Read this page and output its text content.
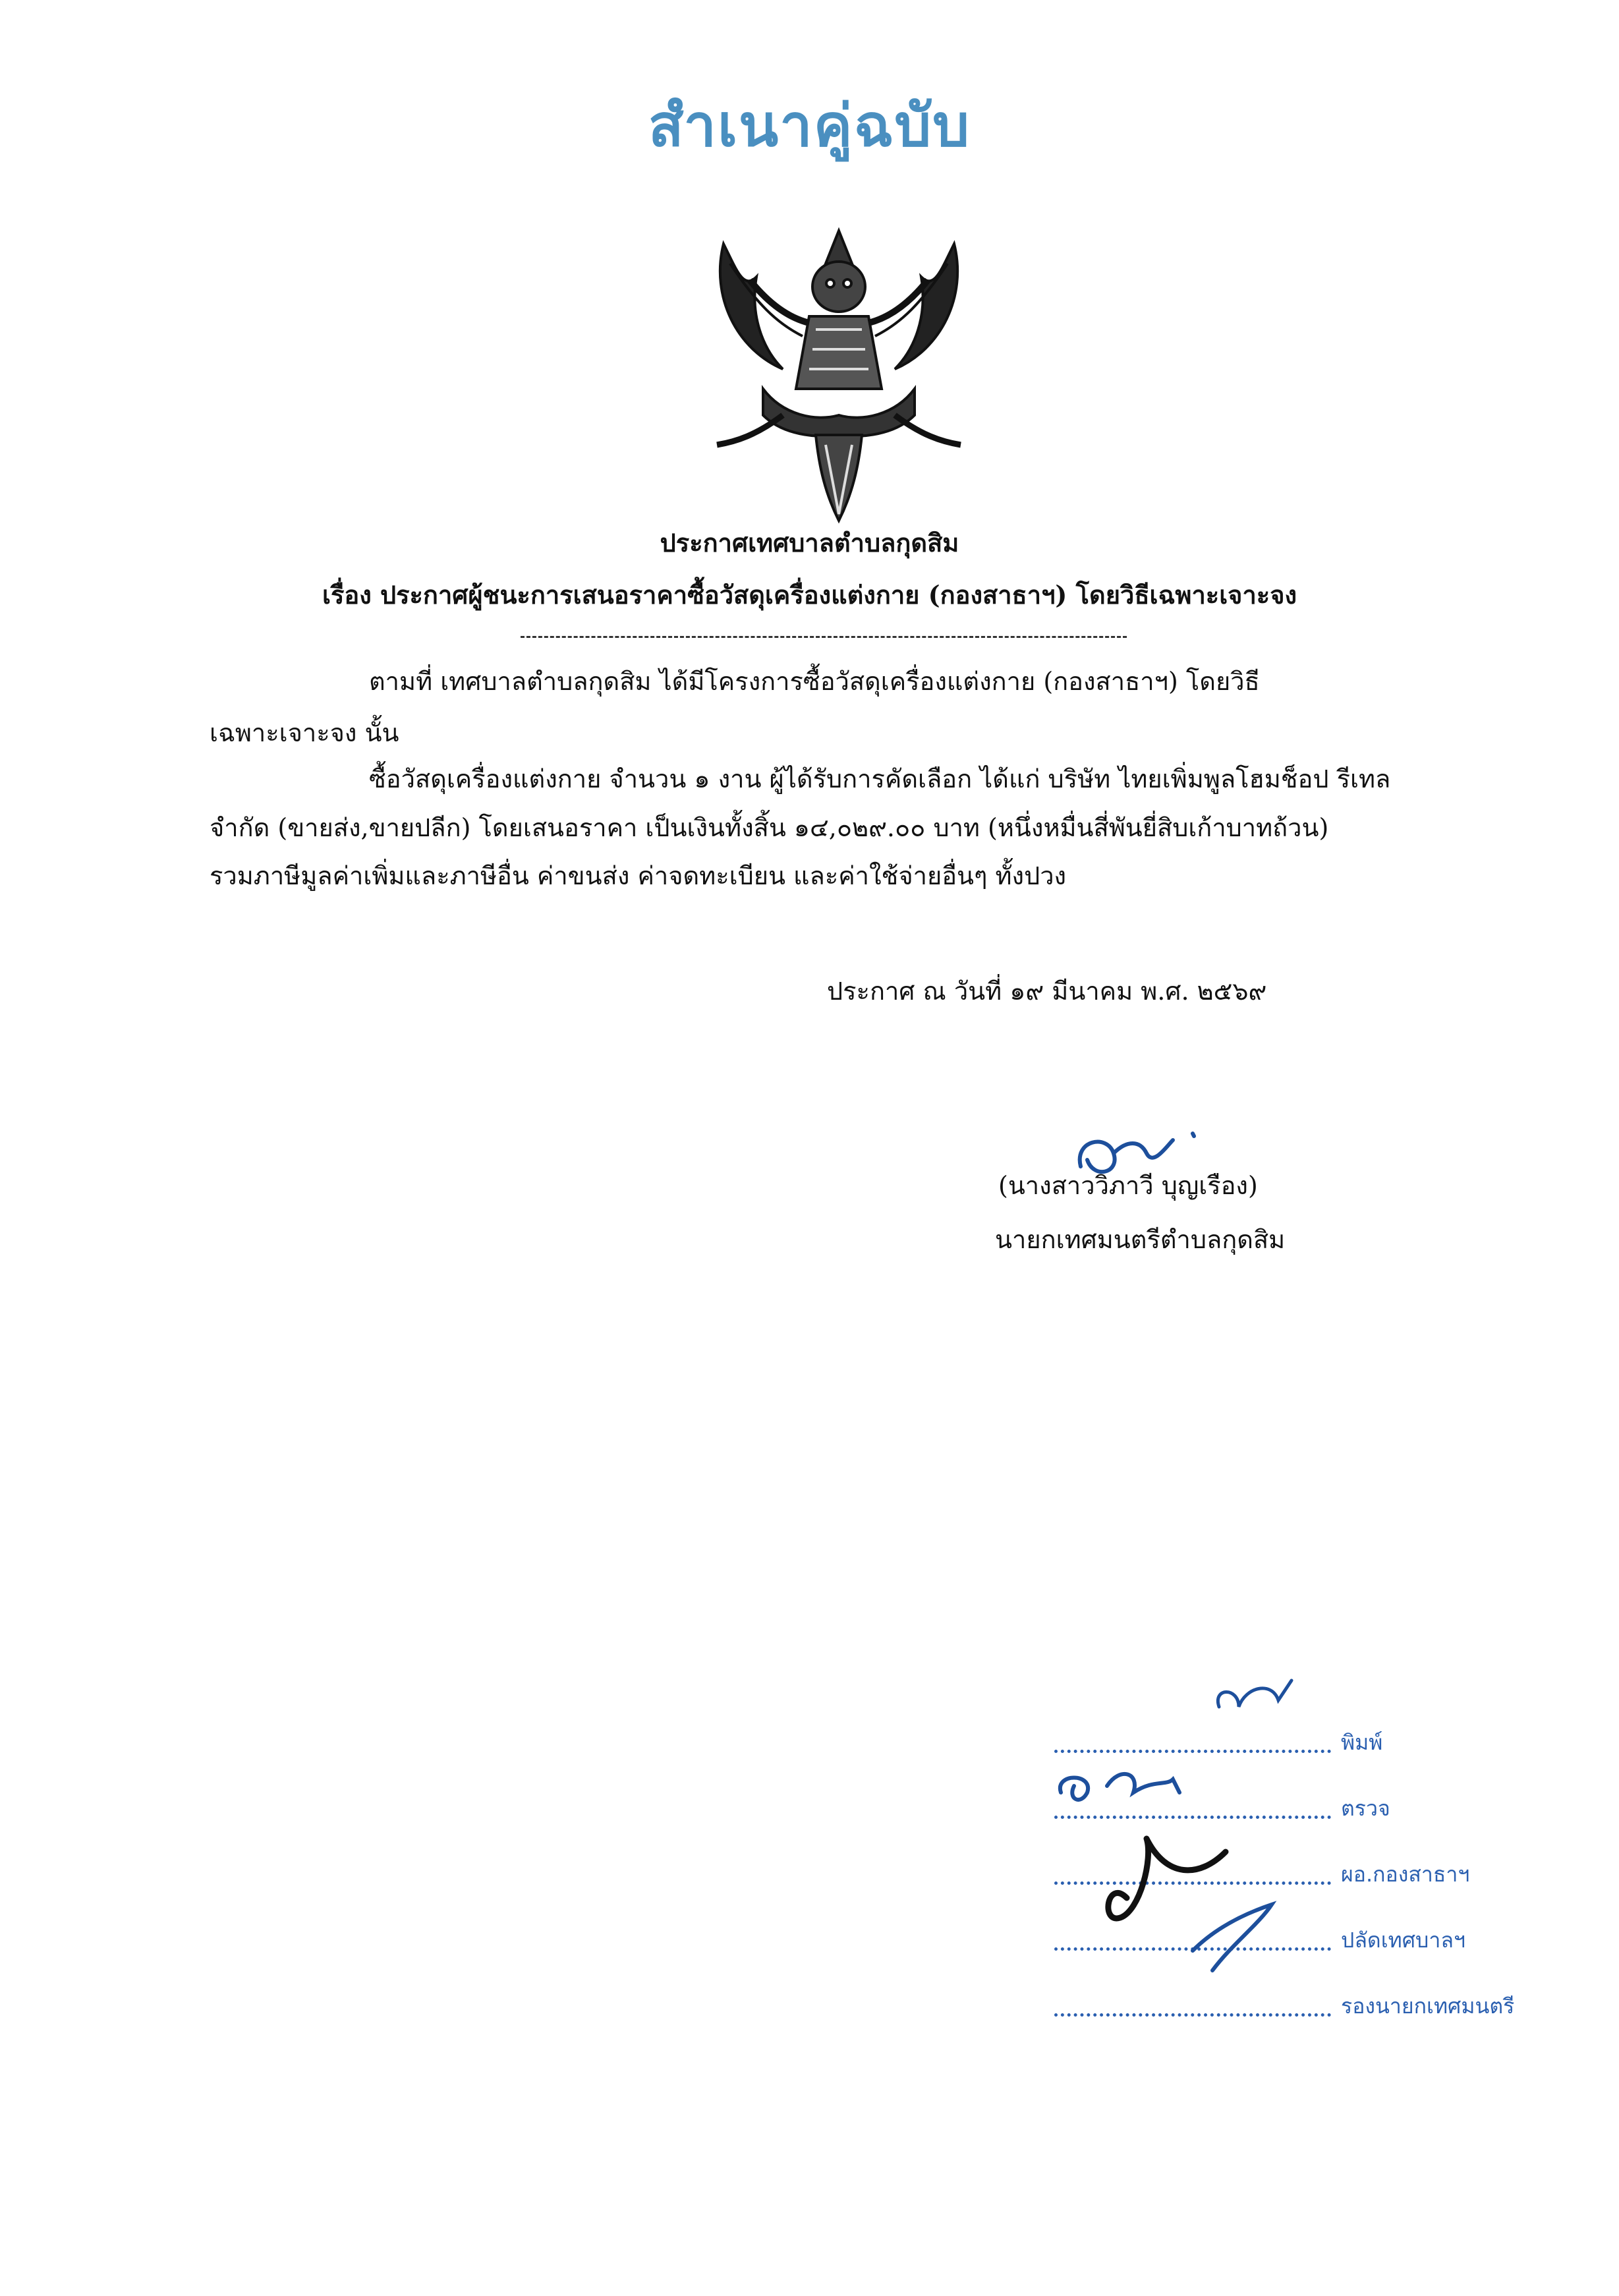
สำเนาคู่ฉบับ
ประกาศเทศบาลตำบลกุดสิม
เรื่อง ประกาศผู้ชนะการเสนอราคาซื้อวัสดุเครื่องแต่งกาย (กองสาธาฯ) โดยวิธีเฉพาะเจาะจง
ตามที่ เทศบาลตำบลกุดสิม ได้มีโครงการซื้อวัสดุเครื่องแต่งกาย (กองสาธาฯ) โดยวิธี
เฉพาะเจาะจง นั้น
ซื้อวัสดุเครื่องแต่งกาย จำนวน ๑ งาน ผู้ได้รับการคัดเลือก ได้แก่ บริษัท ไทยเพิ่มพูลโฮมช็อป รีเทล
จำกัด (ขายส่ง,ขายปลีก) โดยเสนอราคา เป็นเงินทั้งสิ้น ๑๔,๐๒๙.๐๐ บาท (หนึ่งหมื่นสี่พันยี่สิบเก้าบาทถ้วน)
รวมภาษีมูลค่าเพิ่มและภาษีอื่น ค่าขนส่ง ค่าจดทะเบียน และค่าใช้จ่ายอื่นๆ ทั้งปวง
ประกาศ ณ วันที่ ๑๙ มีนาคม พ.ศ. ๒๕๖๙
(นางสาววิภาวี บุญเรือง)
นายกเทศมนตรีตำบลกุดสิม
พิมพ์
ตรวจ
ผอ.กองสาธาฯ
ปลัดเทศบาลฯ
รองนายกเทศมนตรี
